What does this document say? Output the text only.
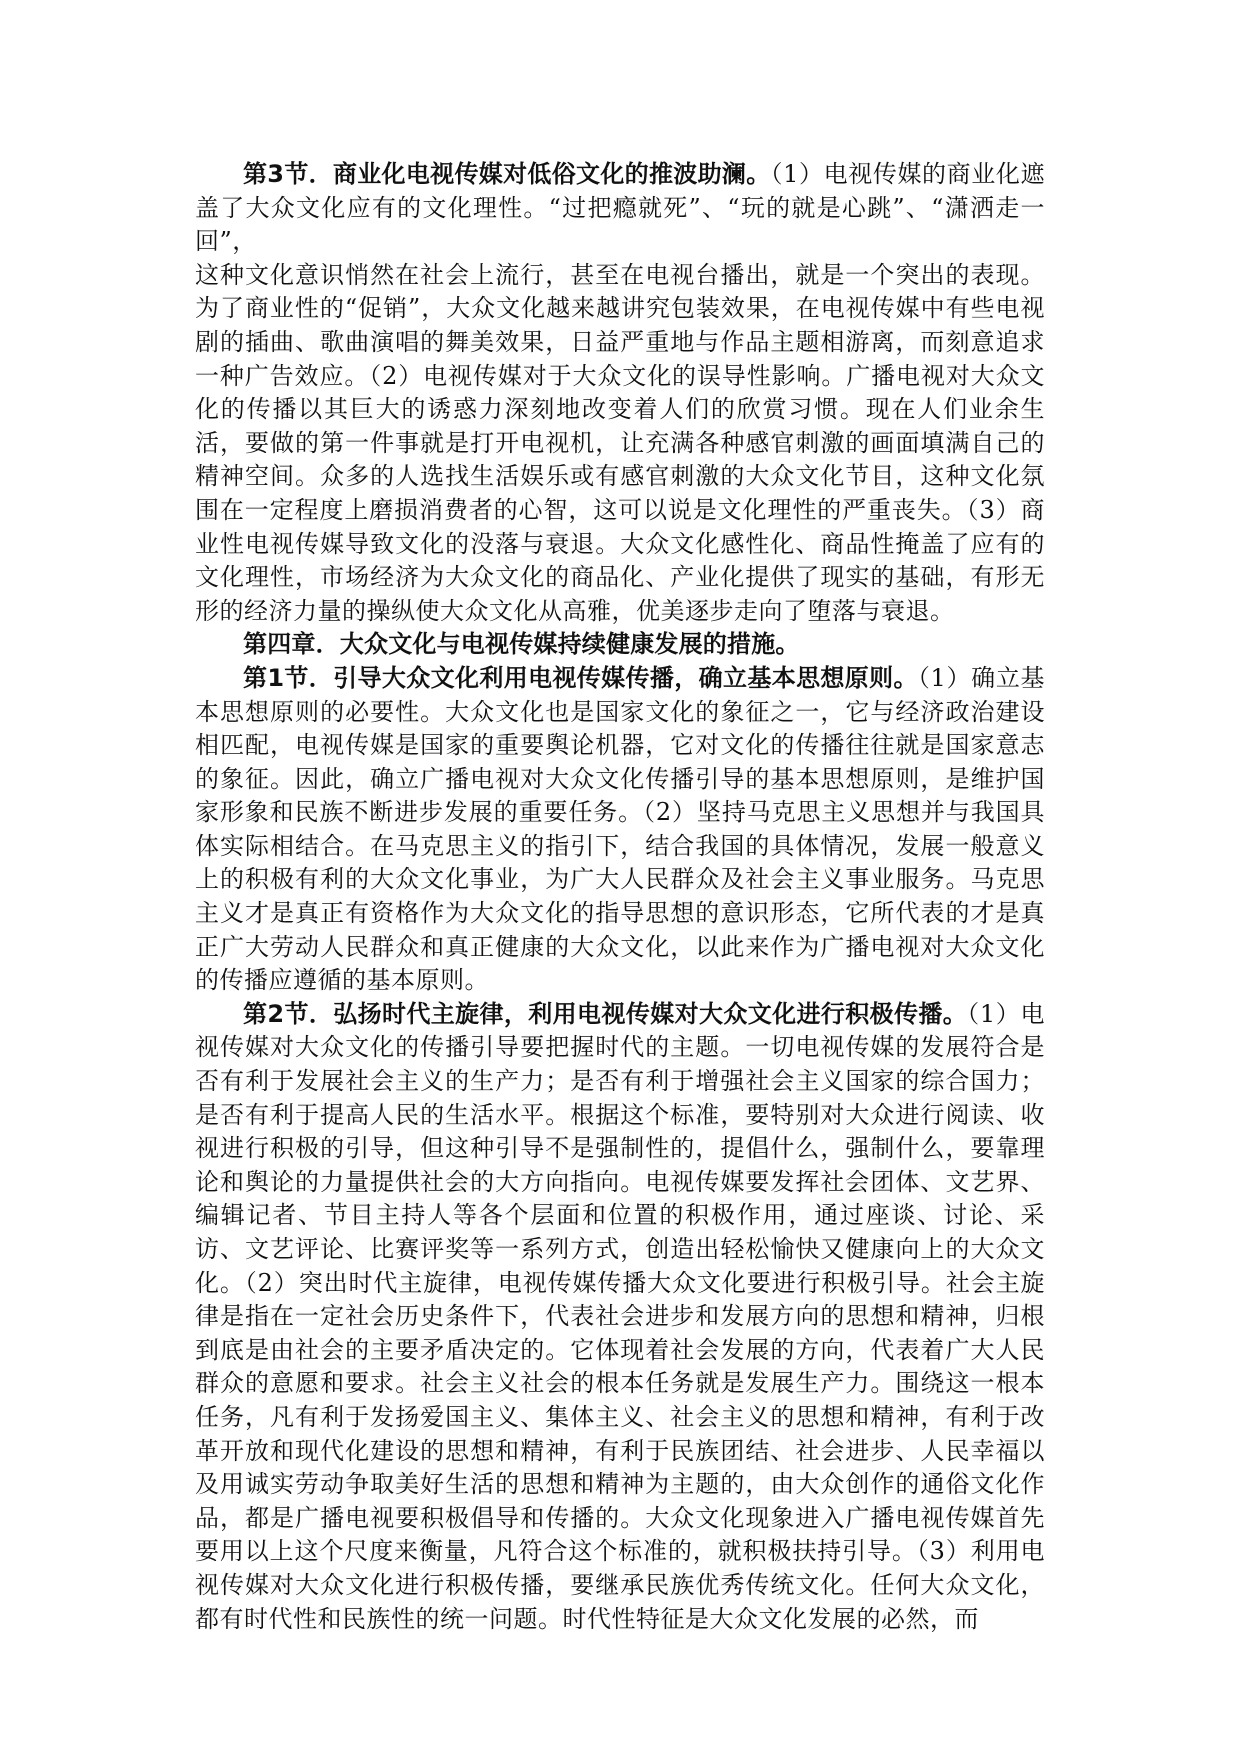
第3节．商业化电视传媒对低俗文化的推波助澜。（1）电视传媒的商业化遮盖了大众文化应有的文化理性。“过把瘾就死”、“玩的就是心跳”、“潇洒走一回”，

这种文化意识悄然在社会上流行，甚至在电视台播出，就是一个突出的表现。为了商业性的“促销”，大众文化越来越讲究包装效果，在电视传媒中有些电视剧的插曲、歌曲演唱的舞美效果，日益严重地与作品主题相游离，而刻意追求一种广告效应。（2）电视传媒对于大众文化的误导性影响。广播电视对大众文化的传播以其巨大的诱惑力深刻地改变着人们的欣赏习惯。现在人们业余生活，要做的第一件事就是打开电视机，让充满各种感官刺激的画面填满自己的精神空间。众多的人选找生活娱乐或有感官刺激的大众文化节目，这种文化氛围在一定程度上磨损消费者的心智，这可以说是文化理性的严重丧失。（3）商业性电视传媒导致文化的没落与衰退。大众文化感性化、商品性掩盖了应有的文化理性，市场经济为大众文化的商品化、产业化提供了现实的基础，有形无形的经济力量的操纵使大众文化从高雅，优美逐步走向了堕落与衰退。

第四章．大众文化与电视传媒持续健康发展的措施。

第1节．引导大众文化利用电视传媒传播，确立基本思想原则。（1）确立基本思想原则的必要性。大众文化也是国家文化的象征之一，它与经济政治建设相匹配，电视传媒是国家的重要舆论机器，它对文化的传播往往就是国家意志的象征。因此，确立广播电视对大众文化传播引导的基本思想原则，是维护国家形象和民族不断进步发展的重要任务。（2）坚持马克思主义思想并与我国具体实际相结合。在马克思主义的指引下，结合我国的具体情况，发展一般意义上的积极有利的大众文化事业，为广大人民群众及社会主义事业服务。马克思主义才是真正有资格作为大众文化的指导思想的意识形态，它所代表的才是真正广大劳动人民群众和真正健康的大众文化，以此来作为广播电视对大众文化的传播应遵循的基本原则。

第2节．弘扬时代主旋律，利用电视传媒对大众文化进行积极传播。（1）电视传媒对大众文化的传播引导要把握时代的主题。一切电视传媒的发展符合是否有利于发展社会主义的生产力；是否有利于增强社会主义国家的综合国力；是否有利于提高人民的生活水平。根据这个标准，要特别对大众进行阅读、收视进行积极的引导，但这种引导不是强制性的，提倡什么，强制什么，要靠理论和舆论的力量提供社会的大方向指向。电视传媒要发挥社会团体、文艺界、编辑记者、节目主持人等各个层面和位置的积极作用，通过座谈、讨论、采访、文艺评论、比赛评奖等一系列方式，创造出轻松愉快又健康向上的大众文化。（2）突出时代主旋律，电视传媒传播大众文化要进行积极引导。社会主旋律是指在一定社会历史条件下，代表社会进步和发展方向的思想和精神，归根到底是由社会的主要矛盾决定的。它体现着社会发展的方向，代表着广大人民群众的意愿和要求。社会主义社会的根本任务就是发展生产力。围绕这一根本任务，凡有利于发扬爱国主义、集体主义、社会主义的思想和精神，有利于改革开放和现代化建设的思想和精神，有利于民族团结、社会进步、人民幸福以及用诚实劳动争取美好生活的思想和精神为主题的，由大众创作的通俗文化作品，都是广播电视要积极倡导和传播的。大众文化现象进入广播电视传媒首先要用以上这个尺度来衡量，凡符合这个标准的，就积极扶持引导。（3）利用电视传媒对大众文化进行积极传播，要继承民族优秀传统文化。任何大众文化，都有时代性和民族性的统一问题。时代性特征是大众文化发展的必然，而
